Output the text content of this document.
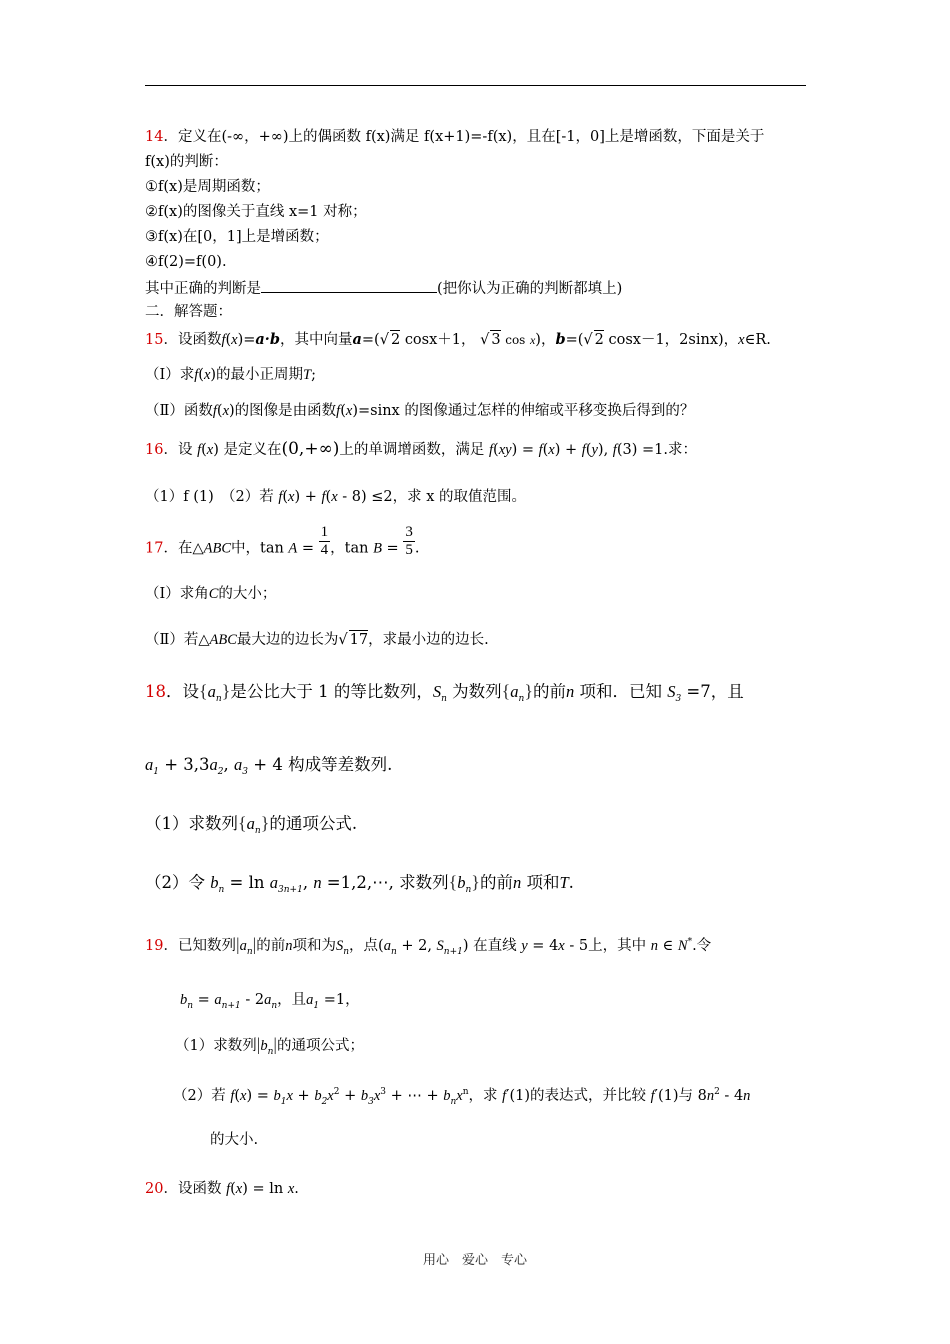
14．定义在(-∞，+∞)上的偶函数 f(x)满足 f(x+1)=-f(x)，且在[-1，0]上是增函数，下面是关于
f(x)的判断：
①f(x)是周期函数；
②f(x)的图像关于直线 x=1 对称；
③f(x)在[0，1]上是增函数；
④f(2)=f(0).
其中正确的判断是	(把你认为正确的判断都填上)
二．解答题：
15．设函数f(x)=a·b，其中向量a=(√ 2 cosx＋1， √ 3 cos x)，b=(√ 2 cosx－1，2sinx)，x∈R.
（Ⅰ）求f(x)的最小正周期T;
（Ⅱ）函数f(x)的图像是由函数f(x)=sinx 的图像通过怎样的伸缩或平移变换后得到的？
16．设 f(x) 是定义在(0,+∞)上的单调增函数，满足 f(xy) = f(x) + f(y), f(3) =1.求：
（1）f (1)　（2）若 f(x) + f(x - 8) ≤2，求 x 的取值范围。
17．在△ABC中，$\tan A = \frac{1}{4}$ ，$\tan B = \frac{3}{5}$ .
（Ⅰ）求角C的大小；
（Ⅱ）若△ABC最大边的边长为√ 17，求最小边的边长.
18．设$\{a_n\}$是公比大于 1 的等比数列，$S_n$ 为数列$\{a_n\}$的前n 项和．已知 $S_3 =7$，且
$a_1 + 3,3a_2$, $a_3 + 4$ 构成等差数列.
（1）求数列$\{a_n\}$的通项公式.
（2）令 $b_n = \ln a_{3n+1}$, n =1,2,⋯, 求数列$\{b_n\}$的前n 项和T.
19．已知数列$|a_n|$的前n项和为$S_n$，点($a_n + 2$, $S_{n+1}$) 在直线 y = 4x - 5上，其中 n ∈ N*.令
$b_n = a_{n+1} - 2a_n$，且$a_1 =1$，
（1）求数列$|b_n|$的通项公式；
（2）若 $f(x) = b_1x + b_2x^2 + b_3x^3$ + ⋯ + $b_nx^n$，求 f′(1)的表达式，并比较 f′(1)与 $8n^2 - 4n$
的大小.
20．设函数 f(x) = ln x.
用心　爱心　专心
